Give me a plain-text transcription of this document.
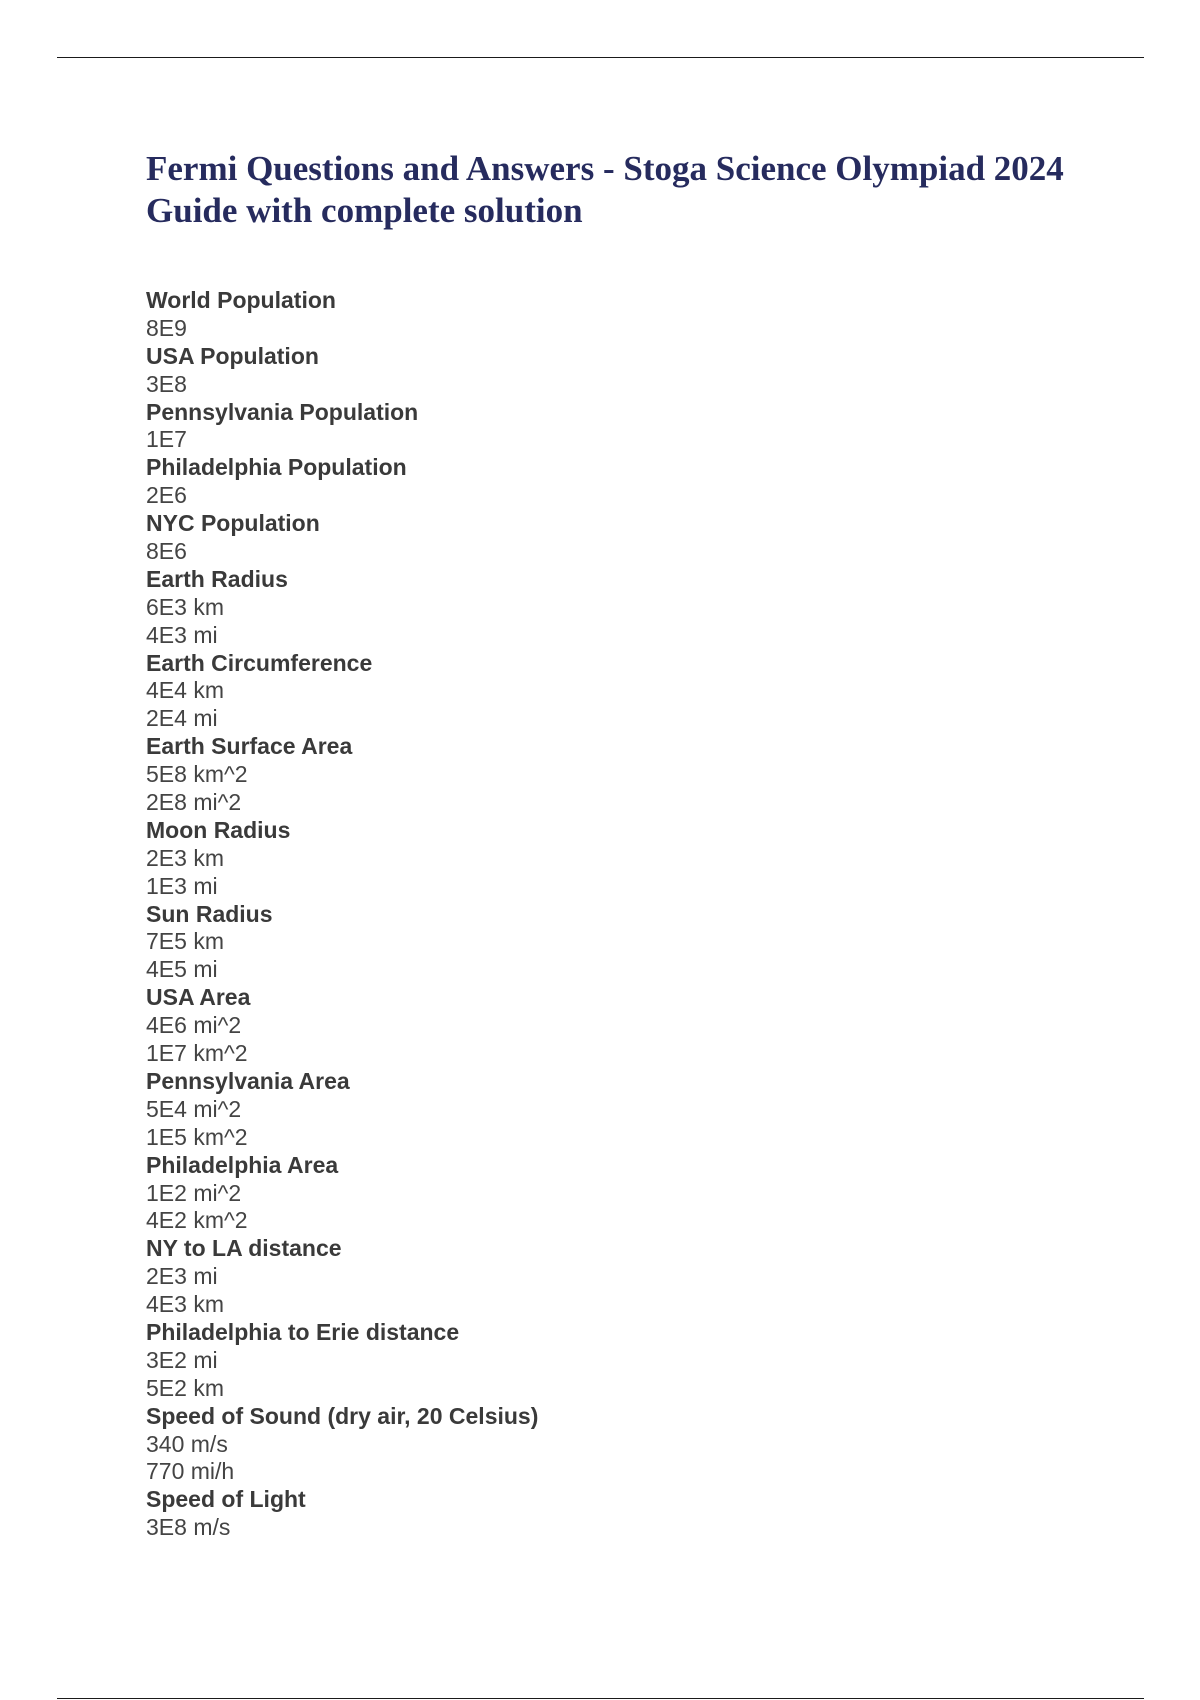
Fermi Questions and Answers - Stoga Science Olympiad 2024 Guide with complete solution
World Population
8E9
USA Population
3E8
Pennsylvania Population
1E7
Philadelphia Population
2E6
NYC Population
8E6
Earth Radius
6E3 km
4E3 mi
Earth Circumference
4E4 km
2E4 mi
Earth Surface Area
5E8 km^2
2E8 mi^2
Moon Radius
2E3 km
1E3 mi
Sun Radius
7E5 km
4E5 mi
USA Area
4E6 mi^2
1E7 km^2
Pennsylvania Area
5E4 mi^2
1E5 km^2
Philadelphia Area
1E2 mi^2
4E2 km^2
NY to LA distance
2E3 mi
4E3 km
Philadelphia to Erie distance
3E2 mi
5E2 km
Speed of Sound (dry air, 20 Celsius)
340 m/s
770 mi/h
Speed of Light
3E8 m/s
